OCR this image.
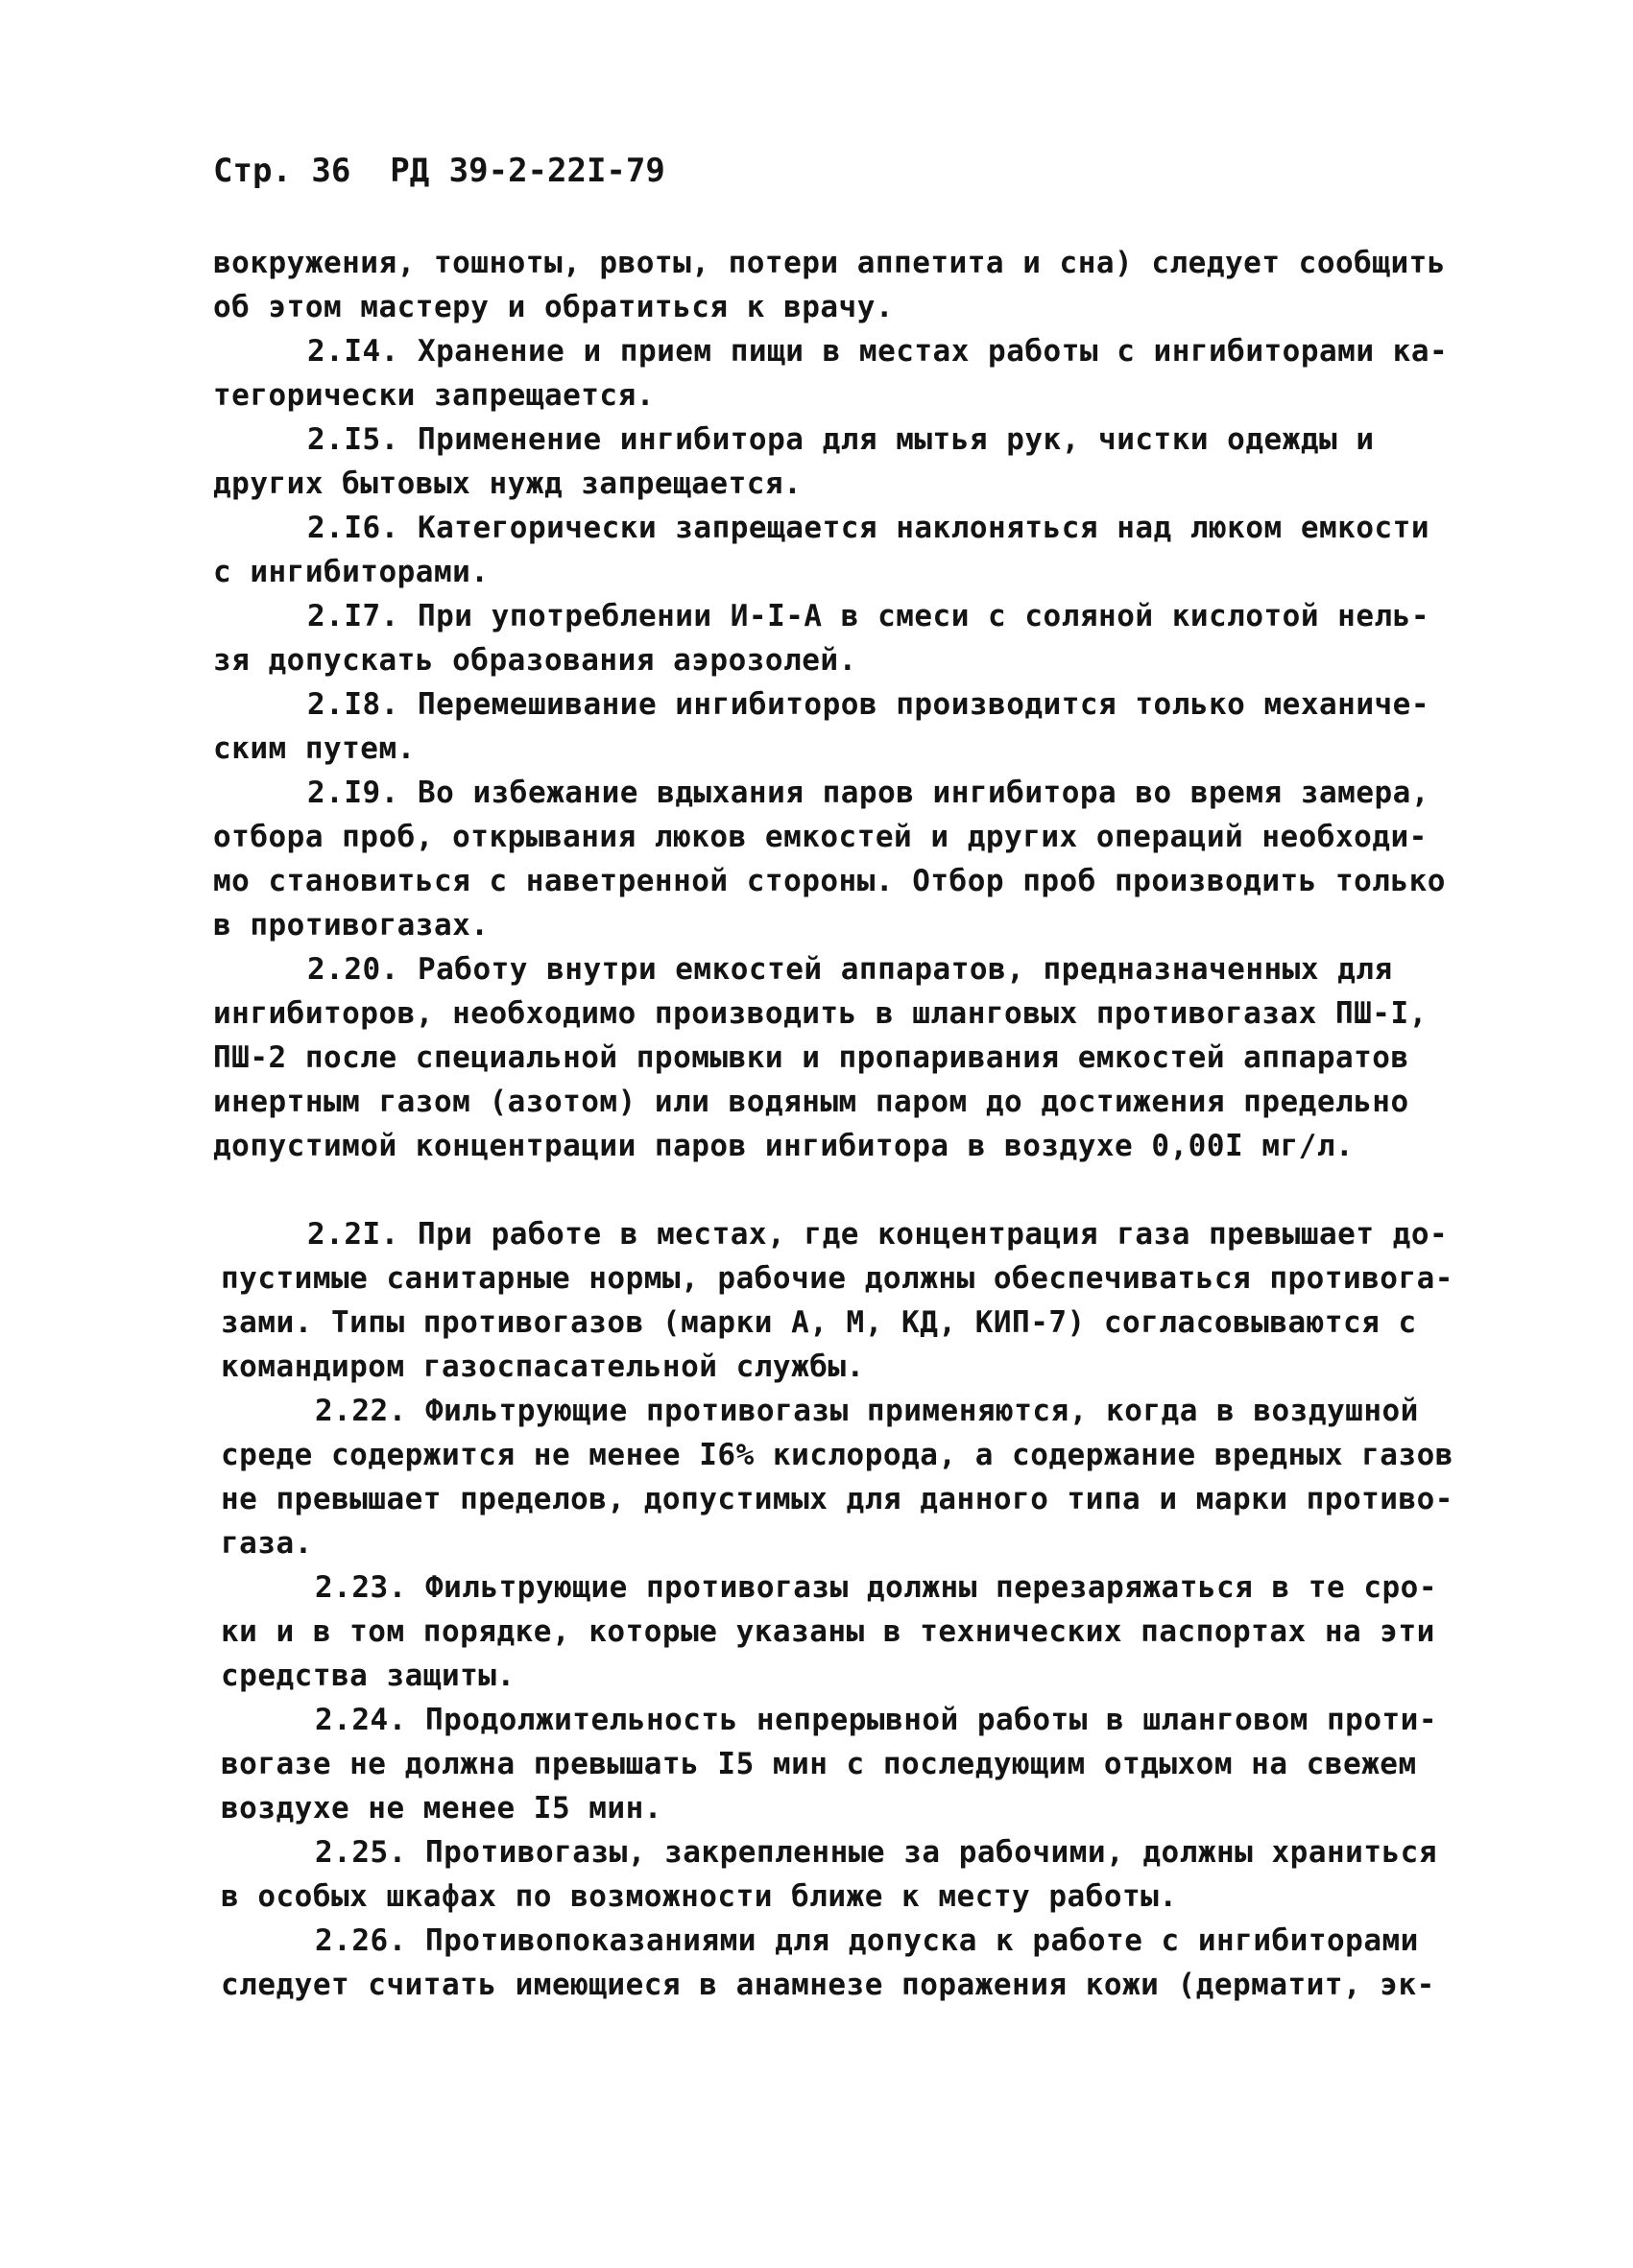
Стр. 36 РД 39-2-22I-79
вокружения, тошноты, рвоты, потери аппетита и сна) следует сообщить
об этом мастеру и обратиться к врачу.
2.I4. Хранение и прием пищи в местах работы с ингибиторами ка-
тегорически запрещается.
2.I5. Применение ингибитора для мытья рук, чистки одежды и
других бытовых нужд запрещается.
2.I6. Категорически запрещается наклоняться над люком емкости
с ингибиторами.
2.I7. При употреблении И-I-А в смеси с соляной кислотой нель-
зя допускать образования аэрозолей.
2.I8. Перемешивание ингибиторов производится только механиче-
ским путем.
2.I9. Во избежание вдыхания паров ингибитора во время замера,
отбора проб, открывания люков емкостей и других операций необходи-
мо становиться с наветренной стороны. Отбор проб производить только
в противогазах.
2.20. Работу внутри емкостей аппаратов, предназначенных для
ингибиторов, необходимо производить в шланговых противогазах ПШ-I,
ПШ-2 после специальной промывки и пропаривания емкостей аппаратов
инертным газом (азотом) или водяным паром до достижения предельно
допустимой концентрации паров ингибитора в воздухе 0,00I мг/л.
2.2I. При работе в местах, где концентрация газа превышает до-
пустимые санитарные нормы, рабочие должны обеспечиваться противога-
зами. Типы противогазов (марки А, М, КД, КИП-7) согласовываются с
командиром газоспасательной службы.
2.22. Фильтрующие противогазы применяются, когда в воздушной
среде содержится не менее I6% кислорода, а содержание вредных газов
не превышает пределов, допустимых для данного типа и марки противо-
газа.
2.23. Фильтрующие противогазы должны перезаряжаться в те сро-
ки и в том порядке, которые указаны в технических паспортах на эти
средства защиты.
2.24. Продолжительность непрерывной работы в шланговом проти-
вогазе не должна превышать I5 мин с последующим отдыхом на свежем
воздухе не менее I5 мин.
2.25. Противогазы, закрепленные за рабочими, должны храниться
в особых шкафах по возможности ближе к месту работы.
2.26. Противопоказаниями для допуска к работе с ингибиторами
следует считать имеющиеся в анамнезе поражения кожи (дерматит, эк-
